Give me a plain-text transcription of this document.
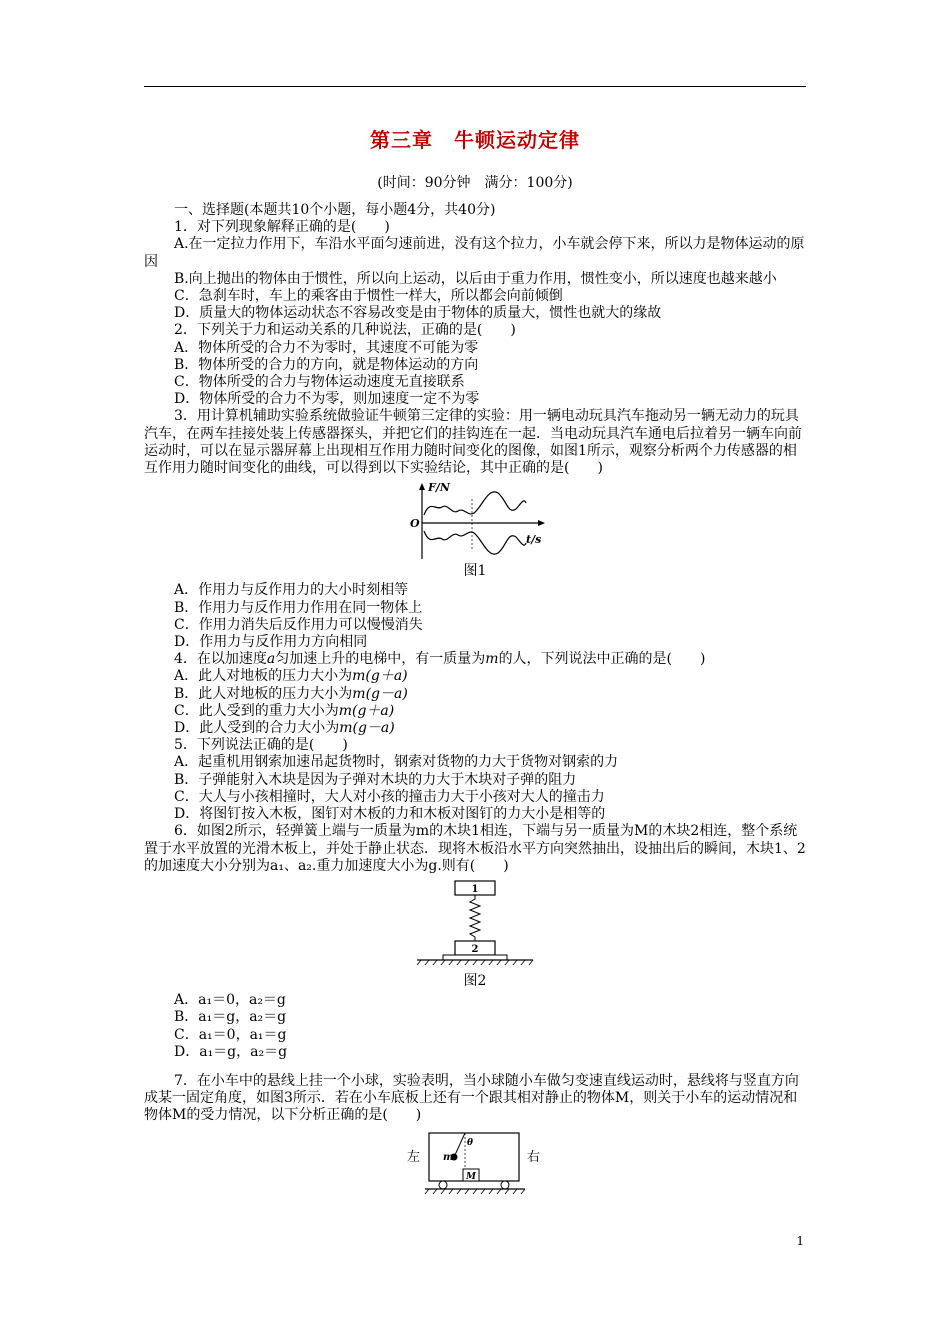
第三章　牛顿运动定律
(时间：90分钟　满分：100分)

一、选择题(本题共10个小题，每小题4分，共40分)

1．对下列现象解释正确的是(　　)

A.在一定拉力作用下，车沿水平面匀速前进，没有这个拉力，小车就会停下来，所以力是物体运动的原因

B.向上抛出的物体由于惯性，所以向上运动，以后由于重力作用，惯性变小，所以速度也越来越小

C．急刹车时，车上的乘客由于惯性一样大，所以都会向前倾倒

D．质量大的物体运动状态不容易改变是由于物体的质量大，惯性也就大的缘故

2．下列关于力和运动关系的几种说法，正确的是(　　)

A．物体所受的合力不为零时，其速度不可能为零

B．物体所受的合力的方向，就是物体运动的方向

C．物体所受的合力与物体运动速度无直接联系

D．物体所受的合力不为零，则加速度一定不为零

3．用计算机辅助实验系统做验证牛顿第三定律的实验：用一辆电动玩具汽车拖动另一辆无动力的玩具汽车，在两车挂接处装上传感器探头，并把它们的挂钩连在一起．当电动玩具汽车通电后拉着另一辆车向前运动时，可以在显示器屏幕上出现相互作用力随时间变化的图像，如图1所示，观察分析两个力传感器的相互作用力随时间变化的曲线，可以得到以下实验结论，其中正确的是(　　)

F/N
O
t/s
图1

A．作用力与反作用力的大小时刻相等

B．作用力与反作用力作用在同一物体上

C．作用力消失后反作用力可以慢慢消失

D．作用力与反作用力方向相同

4．在以加速度a匀加速上升的电梯中，有一质量为m的人，下列说法中正确的是(　　)

A．此人对地板的压力大小为m(g＋a)

B．此人对地板的压力大小为m(g－a)

C．此人受到的重力大小为m(g＋a)

D．此人受到的合力大小为m(g－a)

5．下列说法正确的是(　　)

A．起重机用钢索加速吊起货物时，钢索对货物的力大于货物对钢索的力

B．子弹能射入木块是因为子弹对木块的力大于木块对子弹的阻力

C．大人与小孩相撞时，大人对小孩的撞击力大于小孩对大人的撞击力

D．将图钉按入木板，图钉对木板的力和木板对图钉的力大小是相等的

6．如图2所示，轻弹簧上端与一质量为m的木块1相连，下端与另一质量为M的木块2相连，整个系统置于水平放置的光滑木板上，并处于静止状态．现将木板沿水平方向突然抽出，设抽出后的瞬间，木块1、2的加速度大小分别为a₁、a₂.重力加速度大小为g.则有(　　)

1
2
图2

A．a₁＝0，a₂＝g

B．a₁＝g，a₂＝g

C．a₁＝0，a₁＝g

D．a₁＝g，a₂＝g

7．在小车中的悬线上挂一个小球，实验表明，当小球随小车做匀变速直线运动时，悬线将与竖直方向成某一固定角度，如图3所示．若在小车底板上还有一个跟其相对静止的物体M，则关于小车的运动情况和物体M的受力情况，以下分析正确的是(　　)

左	右
m
θ
M
1
